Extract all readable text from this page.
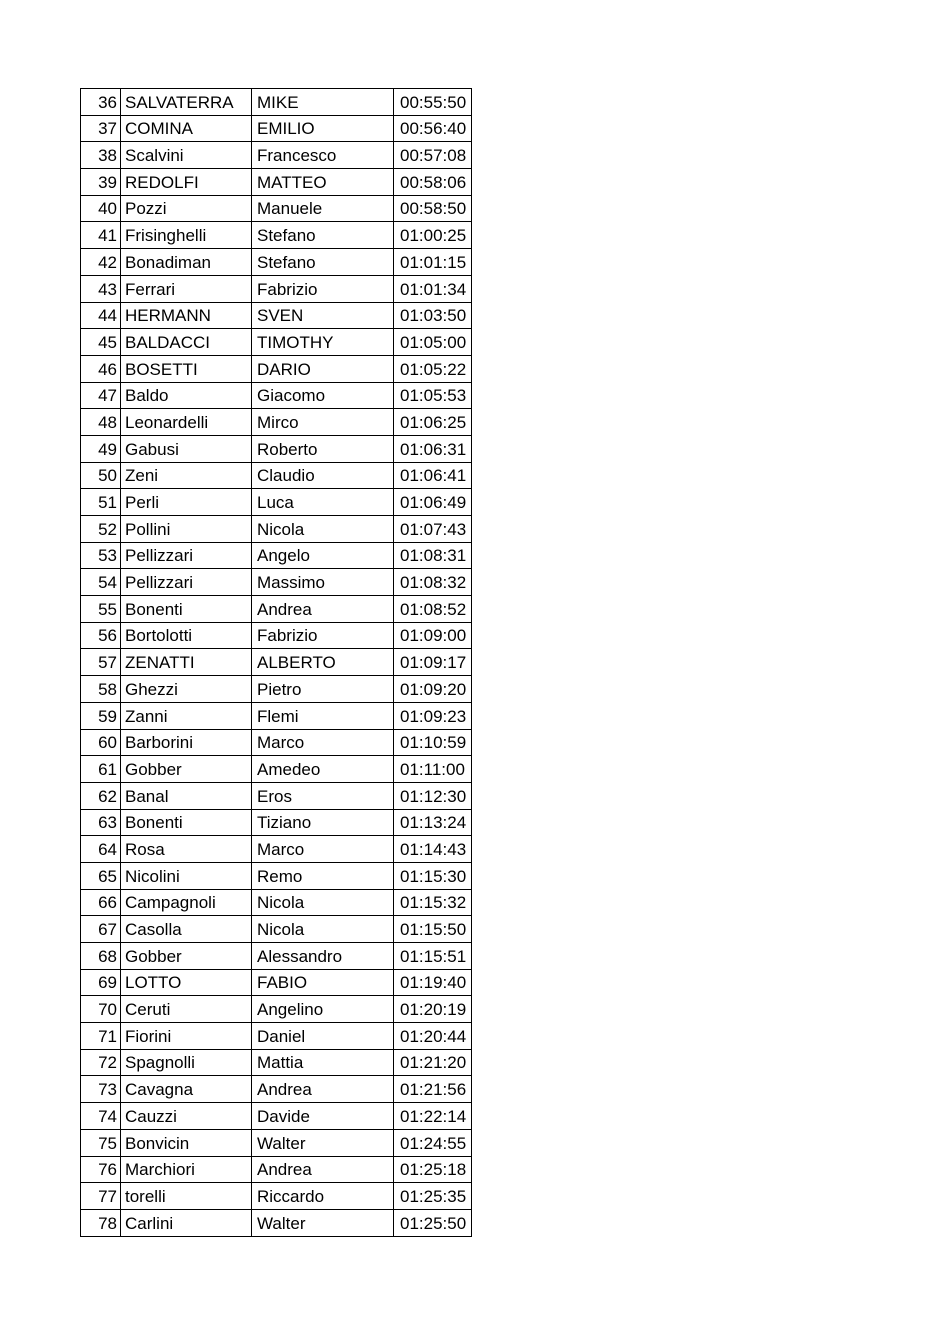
36	SALVATERRA	MIKE	00:55:50
37	COMINA	EMILIO	00:56:40
38	Scalvini	Francesco	00:57:08
39	REDOLFI	MATTEO	00:58:06
40	Pozzi	Manuele	00:58:50
41	Frisinghelli	Stefano	01:00:25
42	Bonadiman	Stefano	01:01:15
43	Ferrari	Fabrizio	01:01:34
44	HERMANN	SVEN	01:03:50
45	BALDACCI	TIMOTHY	01:05:00
46	BOSETTI	DARIO	01:05:22
47	Baldo	Giacomo	01:05:53
48	Leonardelli	Mirco	01:06:25
49	Gabusi	Roberto	01:06:31
50	Zeni	Claudio	01:06:41
51	Perli	Luca	01:06:49
52	Pollini	Nicola	01:07:43
53	Pellizzari	Angelo	01:08:31
54	Pellizzari	Massimo	01:08:32
55	Bonenti	Andrea	01:08:52
56	Bortolotti	Fabrizio	01:09:00
57	ZENATTI	ALBERTO	01:09:17
58	Ghezzi	Pietro	01:09:20
59	Zanni	Flemi	01:09:23
60	Barborini	Marco	01:10:59
61	Gobber	Amedeo	01:11:00
62	Banal	Eros	01:12:30
63	Bonenti	Tiziano	01:13:24
64	Rosa	Marco	01:14:43
65	Nicolini	Remo	01:15:30
66	Campagnoli	Nicola	01:15:32
67	Casolla	Nicola	01:15:50
68	Gobber	Alessandro	01:15:51
69	LOTTO	FABIO	01:19:40
70	Ceruti	Angelino	01:20:19
71	Fiorini	Daniel	01:20:44
72	Spagnolli	Mattia	01:21:20
73	Cavagna	Andrea	01:21:56
74	Cauzzi	Davide	01:22:14
75	Bonvicin	Walter	01:24:55
76	Marchiori	Andrea	01:25:18
77	torelli	Riccardo	01:25:35
78	Carlini	Walter	01:25:50
